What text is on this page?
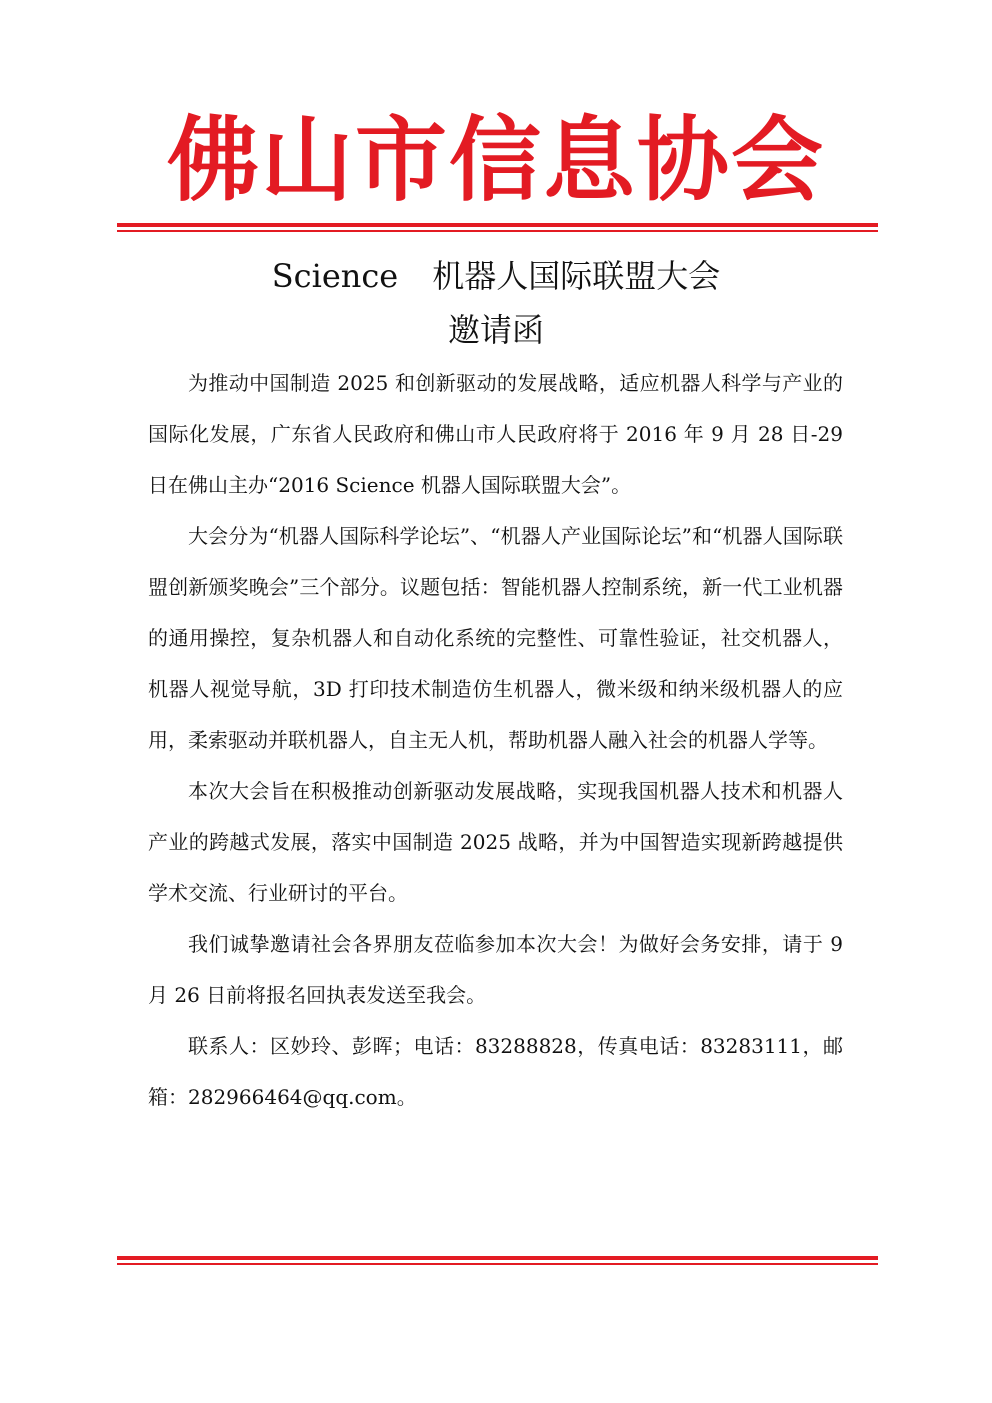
佛山市信息协会
Science 机器人国际联盟大会
邀请函

为推动中国制造 2025 和创新驱动的发展战略，适应机器人科学与产业的国际化发展，广东省人民政府和佛山市人民政府将于 2016 年 9 月 28 日-29 日在佛山主办“2016 Science 机器人国际联盟大会”。

大会分为“机器人国际科学论坛”、“机器人产业国际论坛”和“机器人国际联盟创新颁奖晚会”三个部分。议题包括：智能机器人控制系统，新一代工业机器的通用操控，复杂机器人和自动化系统的完整性、可靠性验证，社交机器人，机器人视觉导航，3D 打印技术制造仿生机器人，微米级和纳米级机器人的应用，柔索驱动并联机器人，自主无人机，帮助机器人融入社会的机器人学等。

本次大会旨在积极推动创新驱动发展战略，实现我国机器人技术和机器人产业的跨越式发展，落实中国制造 2025 战略，并为中国智造实现新跨越提供学术交流、行业研讨的平台。

我们诚挚邀请社会各界朋友莅临参加本次大会！为做好会务安排，请于 9 月 26 日前将报名回执表发送至我会。

联系人：区妙玲、彭晖；电话：83288828，传真电话：83283111，邮箱：282966464@qq.com。
